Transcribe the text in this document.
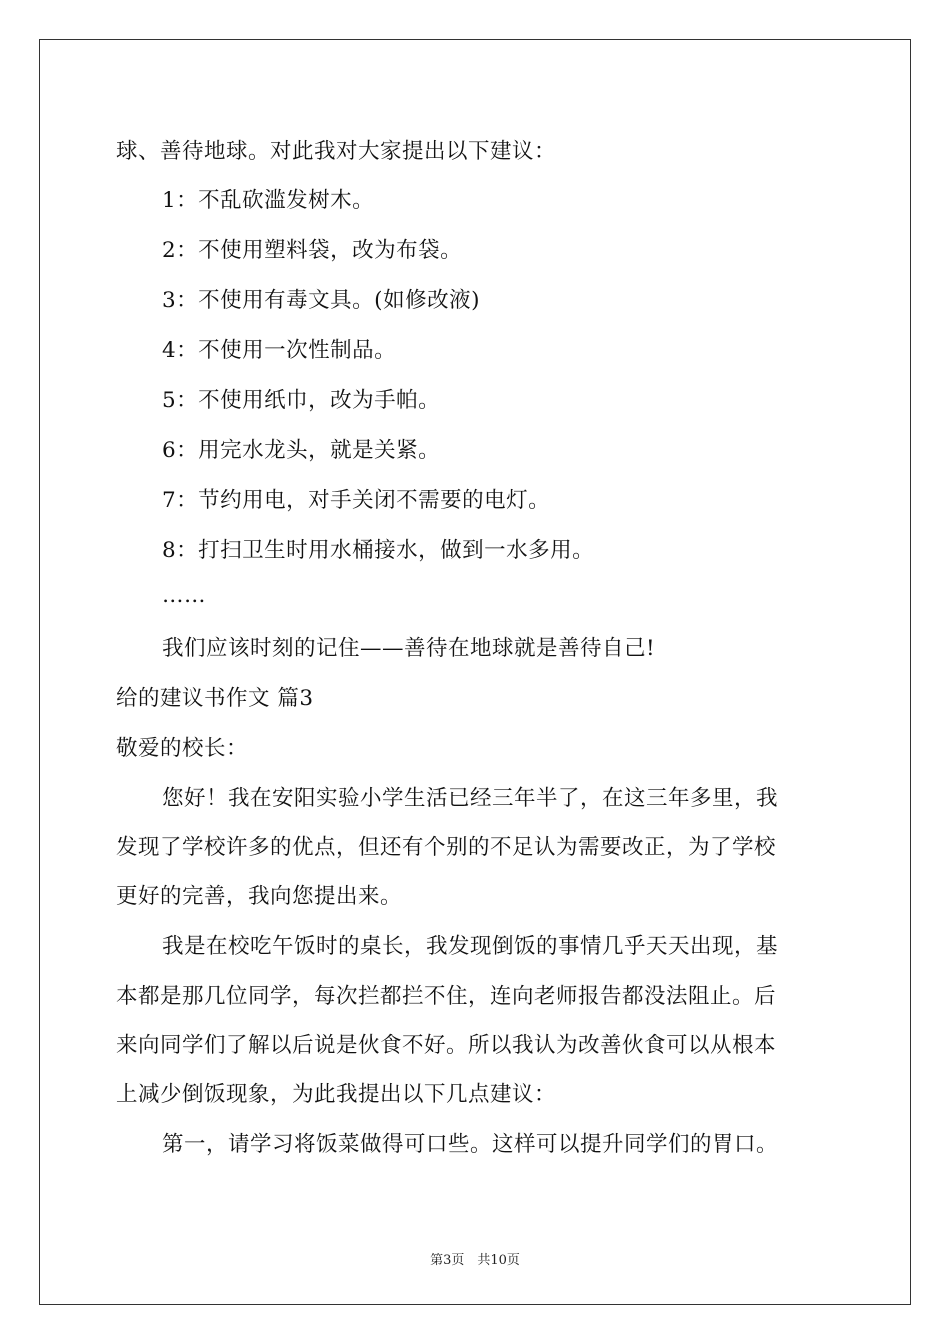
球、善待地球。对此我对大家提出以下建议：
1：不乱砍滥发树木。
2：不使用塑料袋，改为布袋。
3：不使用有毒文具。(如修改液)
4：不使用一次性制品。
5：不使用纸巾，改为手帕。
6：用完水龙头，就是关紧。
7：节约用电，对手关闭不需要的电灯。
8：打扫卫生时用水桶接水，做到一水多用。
……
我们应该时刻的记住——善待在地球就是善待自己!
给的建议书作文 篇3
敬爱的校长：
您好！我在安阳实验小学生活已经三年半了，在这三年多里，我
发现了学校许多的优点，但还有个别的不足认为需要改正，为了学校
更好的完善，我向您提出来。
我是在校吃午饭时的桌长，我发现倒饭的事情几乎天天出现，基
本都是那几位同学，每次拦都拦不住，连向老师报告都没法阻止。后
来向同学们了解以后说是伙食不好。所以我认为改善伙食可以从根本
上减少倒饭现象，为此我提出以下几点建议：
第一，请学习将饭菜做得可口些。这样可以提升同学们的胃口。
第3页　共10页
